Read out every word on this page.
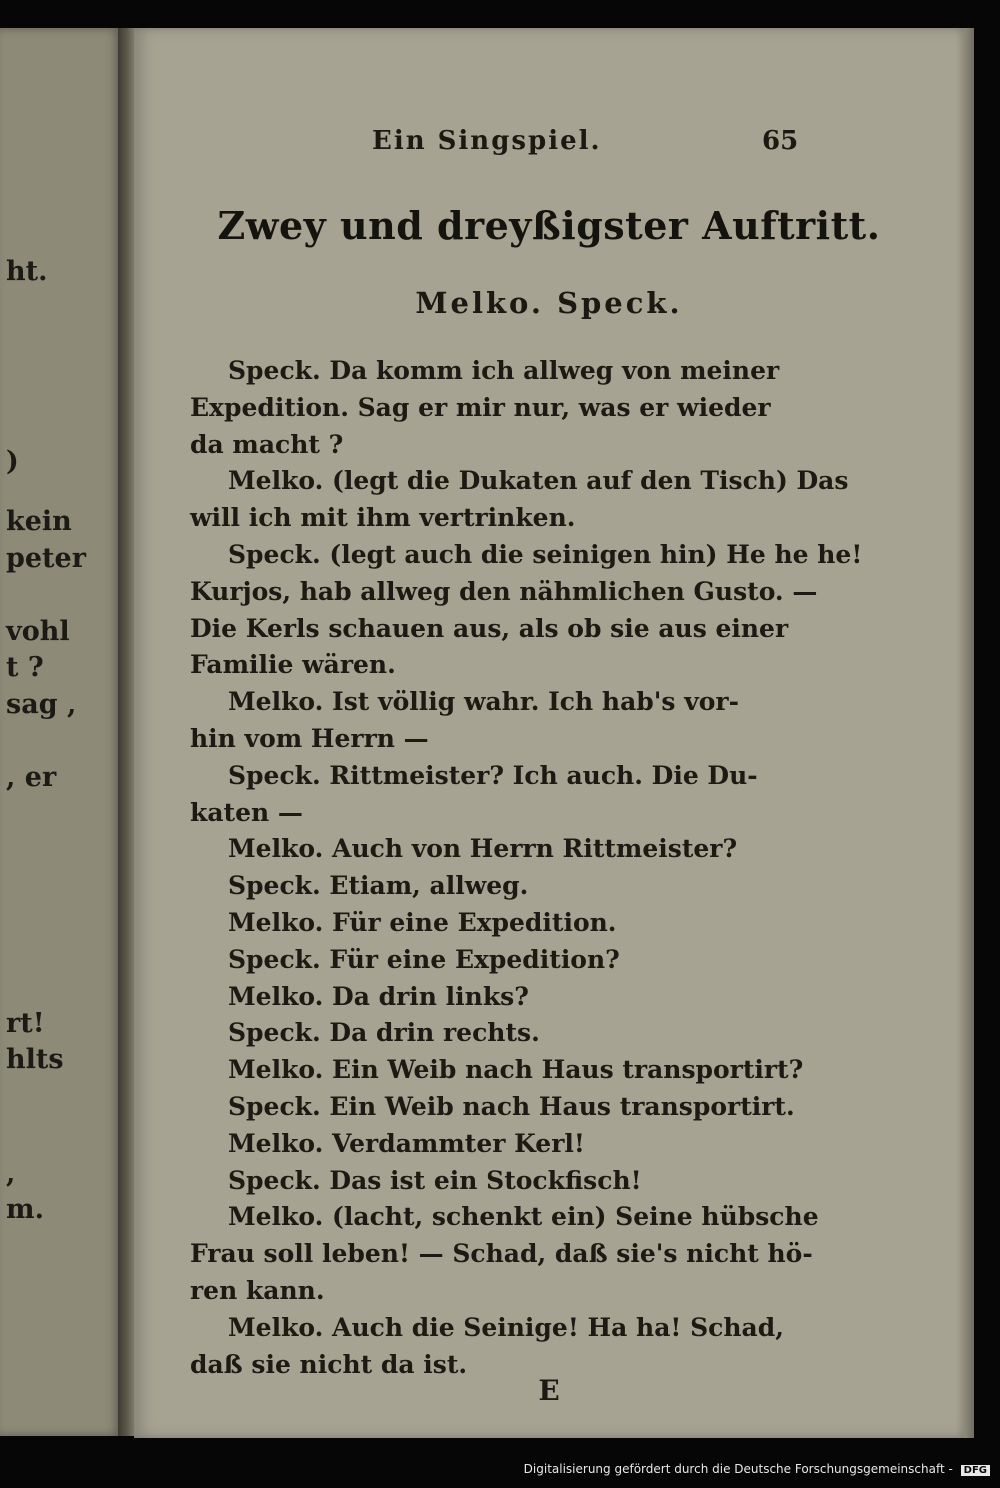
ht.
)
kein
peter
vohl
t ?
sag ,
, er
rt!
hlts
,
m.
Ein Singspiel.	65
Zwey und dreyßigster Auftritt.
Melko. Speck.
Speck. Da komm ich allweg von meiner
Expedition. Sag er mir nur, was er wieder
da macht ?
Melko. (legt die Dukaten auf den Tisch) Das
will ich mit ihm vertrinken.
Speck. (legt auch die seinigen hin) He he he!
Kurjos, hab allweg den nähmlichen Gusto. —
Die Kerls schauen aus, als ob sie aus einer
Familie wären.
Melko. Ist völlig wahr. Ich hab's vor-
hin vom Herrn —
Speck. Rittmeister? Ich auch. Die Du-
katen —
Melko. Auch von Herrn Rittmeister?
Speck. Etiam, allweg.
Melko. Für eine Expedition.
Speck. Für eine Expedition?
Melko. Da drin links?
Speck. Da drin rechts.
Melko. Ein Weib nach Haus transportirt?
Speck. Ein Weib nach Haus transportirt.
Melko. Verdammter Kerl!
Speck. Das ist ein Stockfisch!
Melko. (lacht, schenkt ein) Seine hübsche
Frau soll leben! — Schad, daß sie's nicht hö-
ren kann.
Melko. Auch die Seinige! Ha ha! Schad,
daß sie nicht da ist.
E
Digitalisierung gefördert durch die Deutsche Forschungsgemeinschaft - DFG
